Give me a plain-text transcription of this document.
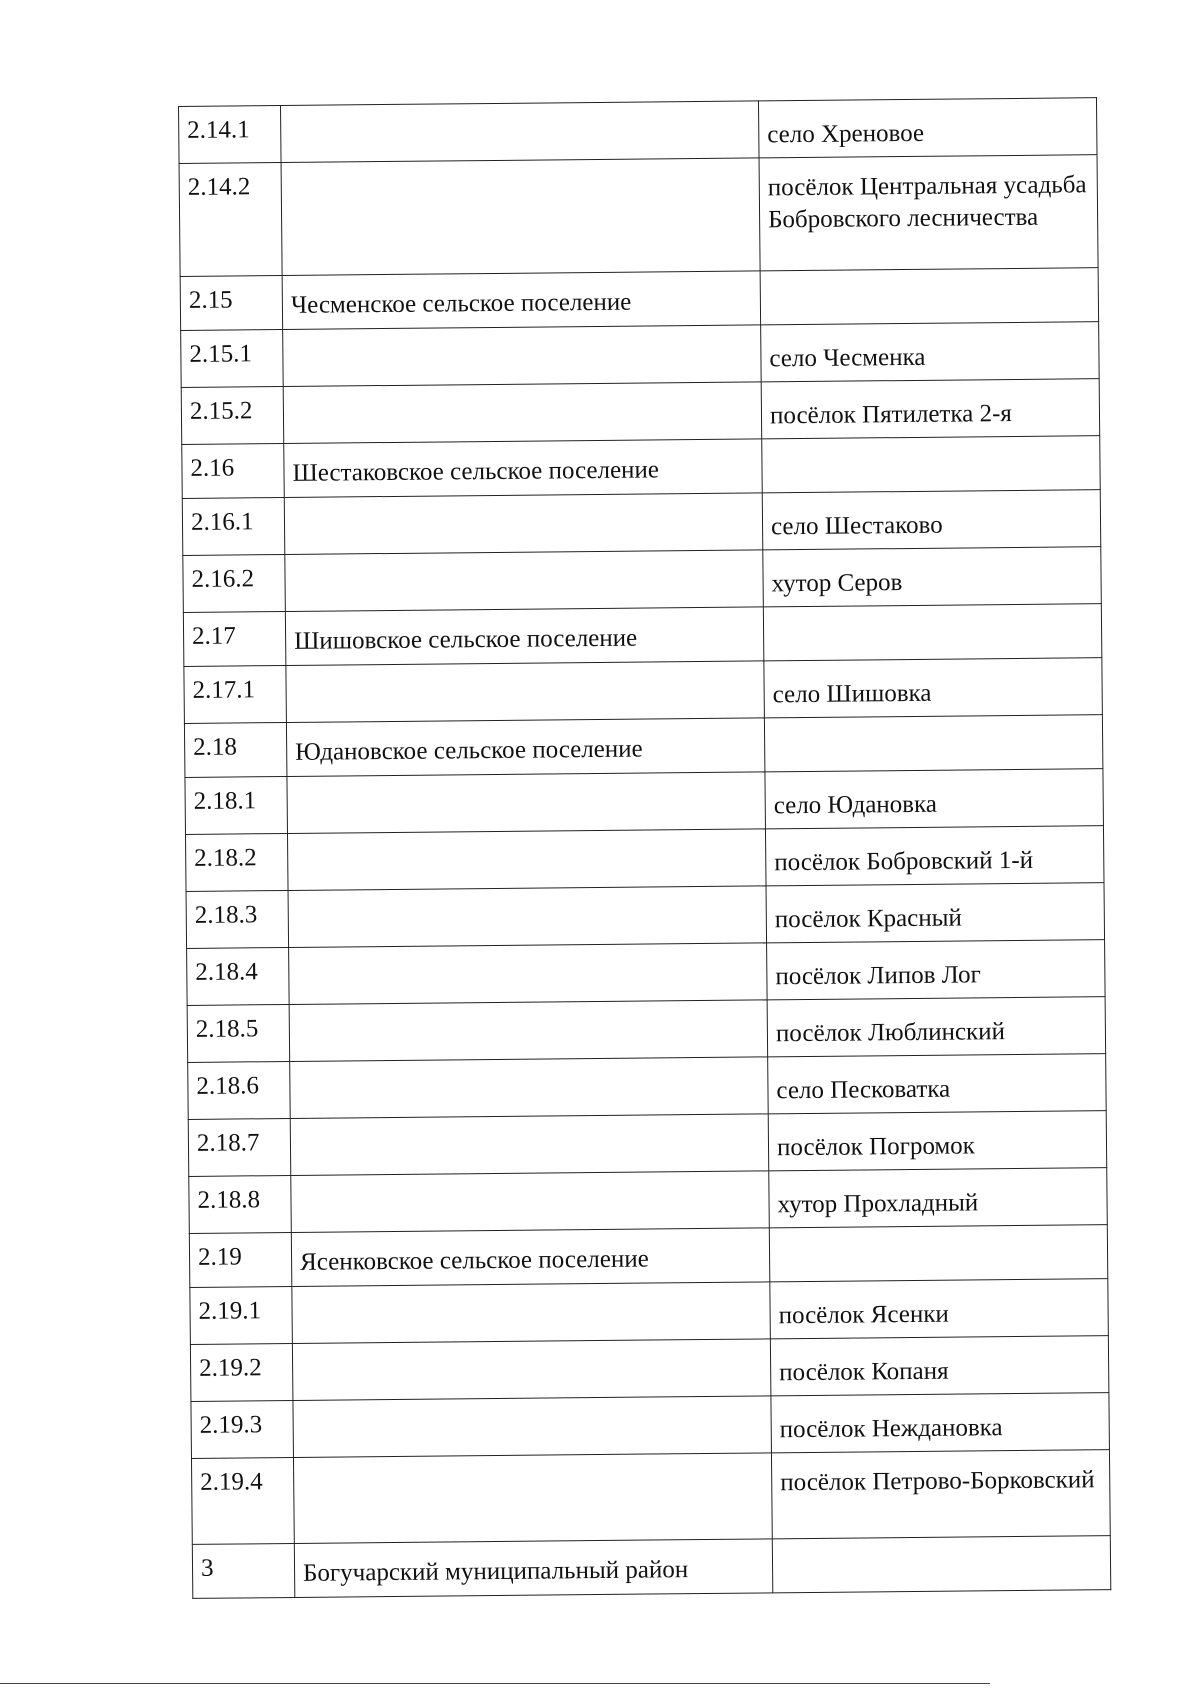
2.14.1		село Хреновое
2.14.2		посёлок Центральная усадьба Бобровского лесничества
2.15	Чесменское сельское поселение	
2.15.1		село Чесменка
2.15.2		посёлок Пятилетка 2-я
2.16	Шестаковское сельское поселение	
2.16.1		село Шестаково
2.16.2		хутор Серов
2.17	Шишовское сельское поселение	
2.17.1		село Шишовка
2.18	Юдановское сельское поселение	
2.18.1		село Юдановка
2.18.2		посёлок Бобровский 1-й
2.18.3		посёлок Красный
2.18.4		посёлок Липов Лог
2.18.5		посёлок Люблинский
2.18.6		село Песковатка
2.18.7		посёлок Погромок
2.18.8		хутор Прохладный
2.19	Ясенковское сельское поселение	
2.19.1		посёлок Ясенки
2.19.2		посёлок Копаня
2.19.3		посёлок Неждановка
2.19.4		посёлок Петрово-Борковский
3	Богучарский муниципальный район	
